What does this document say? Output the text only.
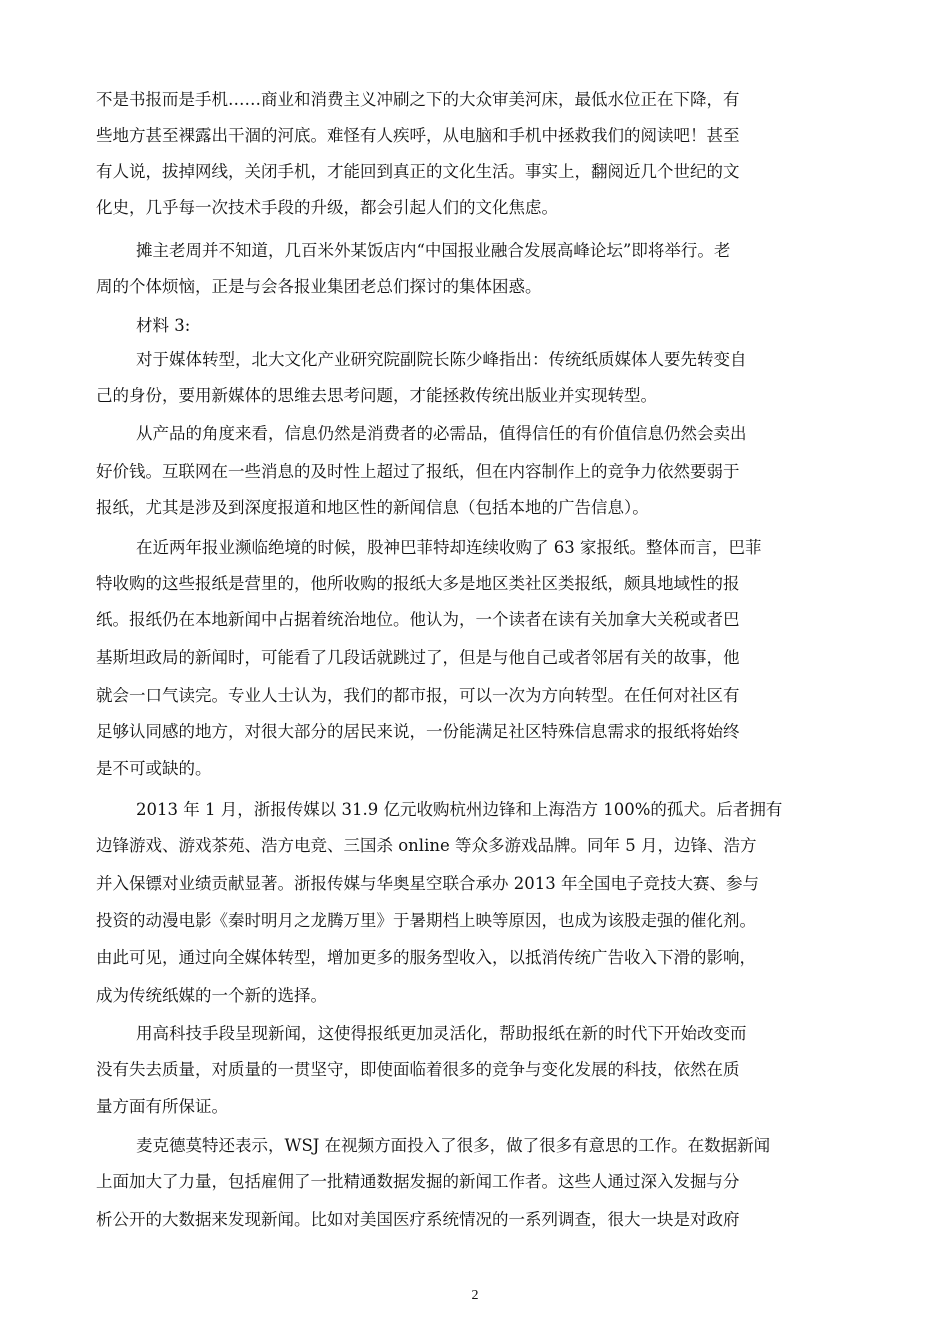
不是书报而是手机……商业和消费主义冲刷之下的大众审美河床，最低水位正在下降，有
些地方甚至裸露出干涸的河底。难怪有人疾呼，从电脑和手机中拯救我们的阅读吧！甚至
有人说，拔掉网线，关闭手机，才能回到真正的文化生活。事实上，翻阅近几个世纪的文
化史，几乎每一次技术手段的升级，都会引起人们的文化焦虑。
摊主老周并不知道，几百米外某饭店内“中国报业融合发展高峰论坛”即将举行。老
周的个体烦恼，正是与会各报业集团老总们探讨的集体困惑。
材料 3:
对于媒体转型，北大文化产业研究院副院长陈少峰指出：传统纸质媒体人要先转变自
己的身份，要用新媒体的思维去思考问题，才能拯救传统出版业并实现转型。
从产品的角度来看，信息仍然是消费者的必需品，值得信任的有价值信息仍然会卖出
好价钱。互联网在一些消息的及时性上超过了报纸，但在内容制作上的竞争力依然要弱于
报纸，尤其是涉及到深度报道和地区性的新闻信息（包括本地的广告信息）。
在近两年报业濒临绝境的时候，股神巴菲特却连续收购了 63 家报纸。整体而言，巴菲
特收购的这些报纸是营里的，他所收购的报纸大多是地区类社区类报纸，颇具地域性的报
纸。报纸仍在本地新闻中占据着统治地位。他认为，一个读者在读有关加拿大关税或者巴
基斯坦政局的新闻时，可能看了几段话就跳过了，但是与他自己或者邻居有关的故事，他
就会一口气读完。专业人士认为，我们的都市报，可以一次为方向转型。在任何对社区有
足够认同感的地方，对很大部分的居民来说，一份能满足社区特殊信息需求的报纸将始终
是不可或缺的。
2013 年 1 月，浙报传媒以 31.9 亿元收购杭州边锋和上海浩方 100%的孤犬。后者拥有
边锋游戏、游戏茶苑、浩方电竞、三国杀 online 等众多游戏品牌。同年 5 月，边锋、浩方
并入保镖对业绩贡献显著。浙报传媒与华奥星空联合承办 2013 年全国电子竞技大赛、参与
投资的动漫电影《秦时明月之龙腾万里》于暑期档上映等原因，也成为该股走强的催化剂。
由此可见，通过向全媒体转型，增加更多的服务型收入，以抵消传统广告收入下滑的影响，
成为传统纸媒的一个新的选择。
用高科技手段呈现新闻，这使得报纸更加灵活化，帮助报纸在新的时代下开始改变而
没有失去质量，对质量的一贯坚守，即使面临着很多的竞争与变化发展的科技，依然在质
量方面有所保证。
麦克德莫特还表示，WSJ 在视频方面投入了很多，做了很多有意思的工作。在数据新闻
上面加大了力量，包括雇佣了一批精通数据发掘的新闻工作者。这些人通过深入发掘与分
析公开的大数据来发现新闻。比如对美国医疗系统情况的一系列调查，很大一块是对政府
2
